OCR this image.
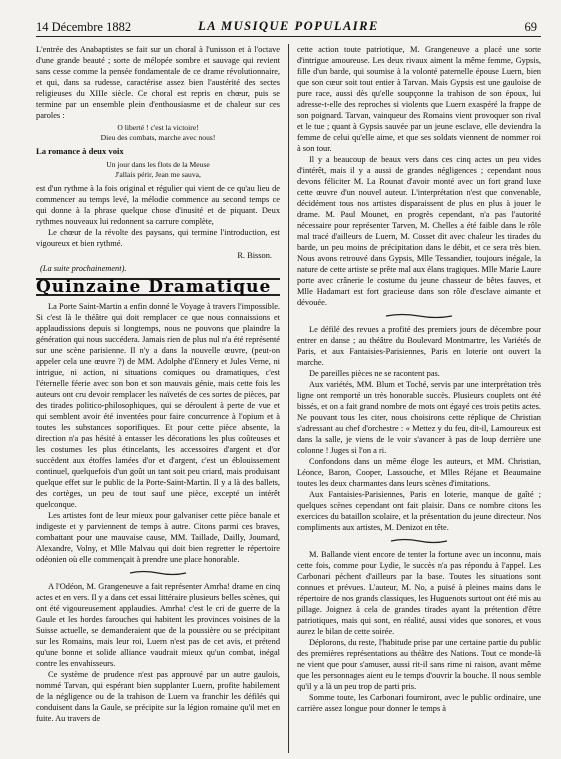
14 Décembre 1882	LA MUSIQUE POPULAIRE	69

L'entrée des Anabaptistes se fait sur un choral à l'unisson et à l'octave d'une grande beauté ; sorte de mélopée sombre et sauvage qui revient sans cesse comme la pensée fondamentale de ce drame révolutionnaire, et qui, dans sa rudesse, caractérise assez bien l'austérité des sectes religieuses du XIIIe siècle. Ce choral est repris en chœur, puis se termine par un ensemble plein d'enthousiasme et de chaleur sur ces paroles :

O liberté ! c'est la victoire!
Dieu des combats, marche avec nous!
La romance à deux voix
Un jour dans les flots de la Meuse
J'allais périr, Jean me sauva,

est d'un rythme à la fois original et régulier qui vient de ce qu'au lieu de commencer au temps levé, la mélodie commence au second temps ce qui donne à la phrase quelque chose d'inusité et de piquant. Deux rythmes nouveaux lui redonnent sa carrure complète,

Le chœur de la révolte des paysans, qui termine l'introduction, est vigoureux et bien rythmé.

R. Bisson.
(La suite prochainement).
Quinzaine Dramatique

La Porte Saint-Martin a enfin donné le Voyage à travers l'impossible. Si c'est là le théâtre qui doit remplacer ce que nous connaissions et applaudissions depuis si longtemps, nous ne pouvons que plaindre la génération qui nous succédera. Jamais rien de plus nul n'a été représenté sur une scène parisienne. Il n'y a dans la nouvelle œuvre, (peut-on appeler cela une œuvre ?) de MM. Adolphe d'Ennery et Jules Verne, ni intrigue, ni action, ni situations comiques ou dramatiques, c'est l'éternelle féerie avec son bon et son mauvais génie, mais cette fois les auteurs ont cru devoir remplacer les naïvetés de ces sortes de pièces, par des tirades politico-philosophiques, qui se déroulent à perte de vue et qui semblent avoir été inventées pour faire concurrence à l'opium et à toutes les substances soporifiques. Et pour cette pièce absente, la direction n'a pas hésité à entasser les décorations les plus coûteuses et les costumes les plus étincelants, les accessoires d'argent et d'or succèdent aux étoffes lamées d'or et d'argent, c'est un éblouissement continuel, quelquefois d'un goût un tant soit peu criard, mais produisant quelque effet sur le public de la Porte-Saint-Martin. Il y a là des ballets, des cortèges, un peu de tout sauf une pièce, excepté un intérêt quelconque.

Les artistes font de leur mieux pour galvaniser cette pièce banale et indigeste et y parviennent de temps à autre. Citons parmi ces braves, combattant pour une mauvaise cause, MM. Taillade, Dailly, Joumard, Alexandre, Volny, et Mlle Malvau qui doit bien regretter le répertoire odéonien où elle commençait à prendre une place honorable.

A l'Odéon, M. Grangeneuve a fait représenter Amrha! drame en cinq actes et en vers. Il y a dans cet essai littéraire plusieurs belles scènes, qui ont été vigoureusement applaudies. Amrha! c'est le cri de guerre de la Gaule et les hordes farouches qui habitent les provinces voisines de la Suisse actuelle, se demanderaient que de la poussière ou se précipitant sur les Romains, mais leur roi, Luern n'est pas de cet avis, et prétend qu'une bonne et solide alliance vaudrait mieux qu'un combat, inégal contre les envahisseurs.

Ce système de prudence n'est pas approuvé par un autre gaulois, nommé Tarvan, qui espérant bien supplanter Luern, profite habilement de la négligence ou de la trahison de Luern va franchir les défilés qui conduisent dans la Gaule, se précipite sur la légion romaine qu'il met en fuite. Au travers de

cette action toute patriotique, M. Grangeneuve a placé une sorte d'intrigue amoureuse. Les deux rivaux aiment la même femme, Gypsis, fille d'un barde, qui soumise à la volonté paternelle épouse Luern, bien que son cœur soit tout entier à Tarvan. Mais Gypsis est une gauloise de pure race, aussi dès qu'elle soupçonne la trahison de son époux, lui adresse-t-elle des reproches si violents que Luern exaspéré la frappe de son poignard. Tarvan, vainqueur des Romains vient provoquer son rival et le tue ; quant à Gypsis sauvée par un jeune esclave, elle deviendra la femme de celui qu'elle aime, et que ses soldats viennent de nommer roi à son tour.

Il y a beaucoup de beaux vers dans ces cinq actes un peu vides d'intérêt, mais il y a aussi de grandes négligences ; cependant nous devons féliciter M. La Rounat d'avoir monté avec un fort grand luxe cette œuvre d'un nouvel auteur. L'interprétation n'est que convenable, décidément tous nos artistes disparaissent de plus en plus à jouer le drame. M. Paul Mounet, en progrès cependant, n'a pas l'autorité nécessaire pour représenter Tarven, M. Chelles a été faible dans le rôle mal tracé d'ailleurs de Luern, M. Cosset dit avec chaleur les tirades du barde, un peu moins de précipitation dans le débit, et ce sera très bien. Nous avons retrouvé dans Gypsis, Mlle Tessandier, toujours inégale, la nature de cette artiste se prête mal aux élans tragiques. Mlle Marie Laure porte avec crânerie le costume du jeune chasseur de bêtes fauves, et Mlle Hadamart est fort gracieuse dans son rôle d'esclave aimante et dévouée.

Le défilé des revues a profité des premiers jours de décembre pour entrer en danse ; au théâtre du Boulevard Montmartre, les Variétés de Paris, et aux Fantaisies-Parisiennes, Paris en loterie ont ouvert la marche.

De pareilles pièces ne se racontent pas.

Aux variétés, MM. Blum et Toché, servis par une interprétation très ligne ont remporté un très honorable succès. Plusieurs couplets ont été bissés, et on a fait grand nombre de mots ont égayé ces trois petits actes. Ne pouvant tous les citer, nous choisirons cette réplique de Christian s'adressant au chef d'orchestre : « Mettez y du feu, dit-il, Lamoureux est dans la salle, je viens de le voir s'avancer à pas de loup derrière une colonne ! Juges si l'on a ri.

Confondons dans un même éloge les auteurs, et MM. Christian, Léonce, Baron, Cooper, Lassouche, et Mlles Réjane et Beaumaine toutes les deux charmantes dans leurs scènes d'imitations.

Aux Fantaisies-Parisiennes, Paris en loterie, manque de gaîté ; quelques scènes cependant ont fait plaisir. Dans ce nombre citons les exercices du bataillon scolaire, et la présentation du jeune directeur. Nos compliments aux artistes, M. Denizot en tête.

M. Ballande vient encore de tenter la fortune avec un inconnu, mais cette fois, comme pour Lydie, le succès n'a pas répondu à l'appel. Les Carbonari péchent d'ailleurs par la base. Toutes les situations sont connues et prévues. L'auteur, M. No, a puisé à pleines mains dans le répertoire de nos grands classiques, les Huguenots surtout ont été mis au pillage. Joignez à cela de grandes tirades ayant la prétention d'être patriotiques, mais qui sont, en réalité, aussi vides que sonores, et vous aurez le bilan de cette soirée.

Déplorons, du reste, l'habitude prise par une certaine partie du public des premières représentations au théâtre des Nations. Tout ce monde-là ne vient que pour s'amuser, aussi rit-il sans rime ni raison, avant même que les personnages aient eu le temps d'ouvrir la bouche. Il nous semble qu'il y a là un peu trop de parti pris.

Somme toute, les Carbonari fourniront, avec le public ordinaire, une carrière assez longue pour donner le temps à
